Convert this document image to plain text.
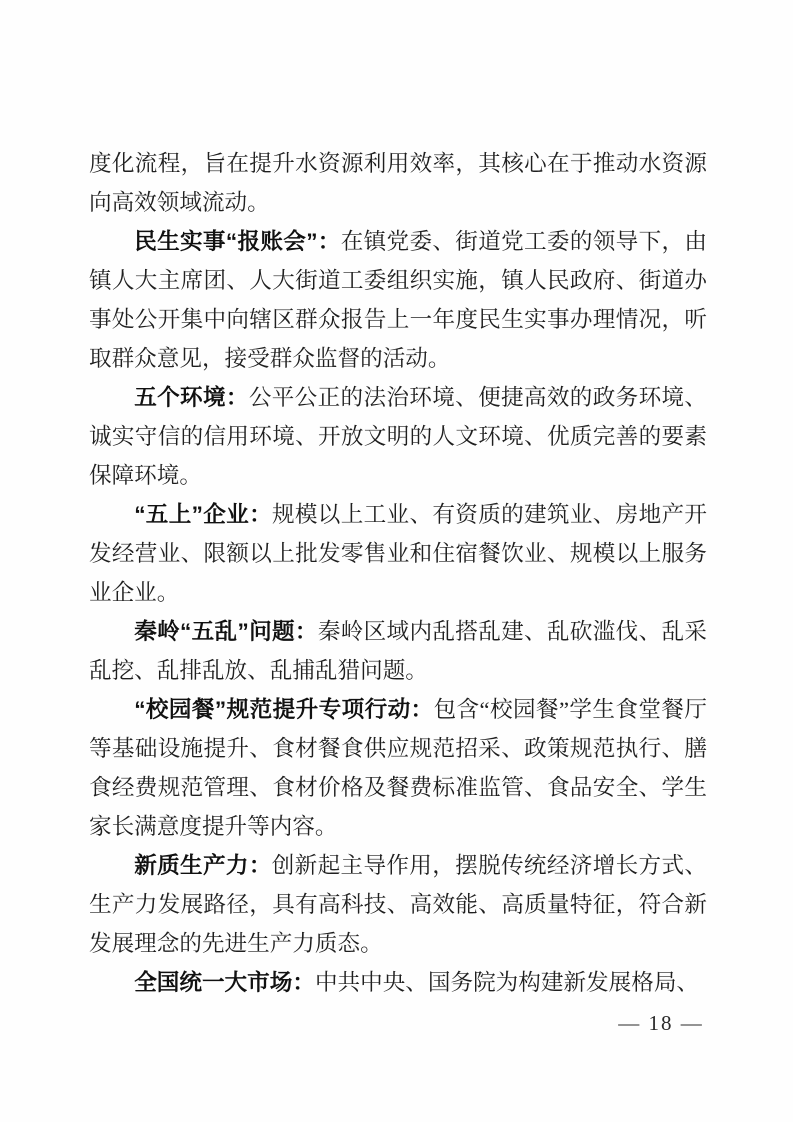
度化流程，旨在提升水资源利用效率，其核心在于推动水资源向高效领域流动。

民生实事“报账会”：在镇党委、街道党工委的领导下，由镇人大主席团、人大街道工委组织实施，镇人民政府、街道办事处公开集中向辖区群众报告上一年度民生实事办理情况，听取群众意见，接受群众监督的活动。

五个环境：公平公正的法治环境、便捷高效的政务环境、诚实守信的信用环境、开放文明的人文环境、优质完善的要素保障环境。

“五上”企业：规模以上工业、有资质的建筑业、房地产开发经营业、限额以上批发零售业和住宿餐饮业、规模以上服务业企业。

秦岭“五乱”问题：秦岭区域内乱搭乱建、乱砍滥伐、乱采乱挖、乱排乱放、乱捕乱猎问题。

“校园餐”规范提升专项行动：包含“校园餐”学生食堂餐厅等基础设施提升、食材餐食供应规范招采、政策规范执行、膳食经费规范管理、食材价格及餐费标准监管、食品安全、学生家长满意度提升等内容。

新质生产力：创新起主导作用，摆脱传统经济增长方式、生产力发展路径，具有高科技、高效能、高质量特征，符合新发展理念的先进生产力质态。

全国统一大市场：中共中央、国务院为构建新发展格局、

— 18 —
